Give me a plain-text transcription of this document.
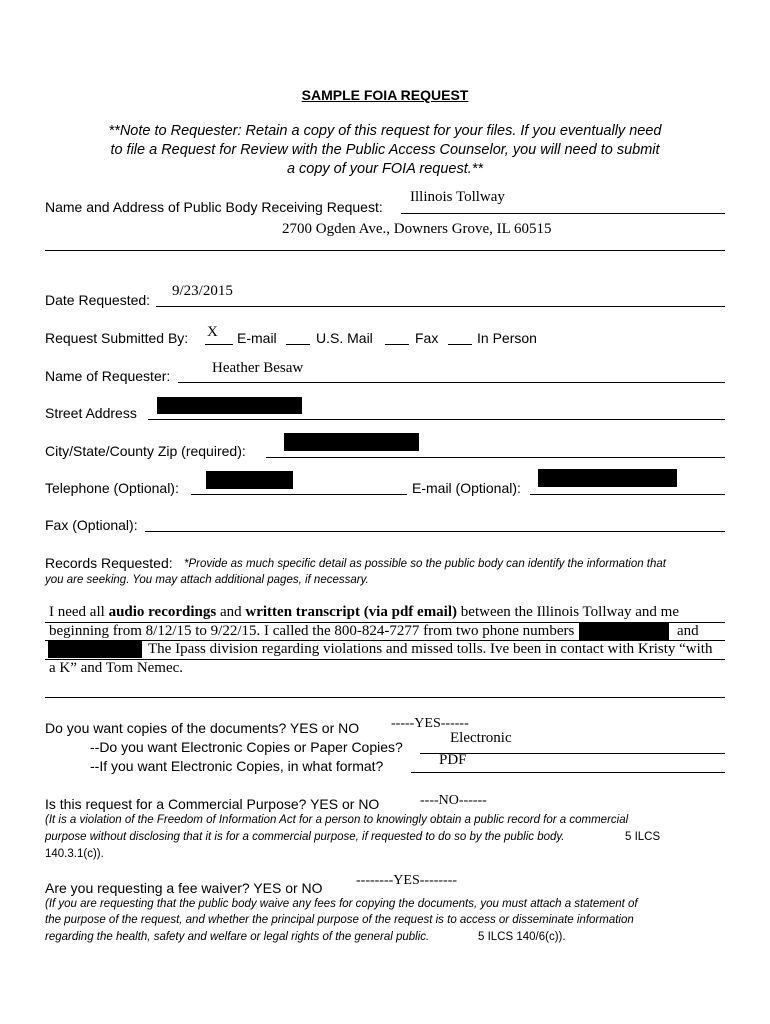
SAMPLE FOIA REQUEST
**Note to Requester: Retain a copy of this request for your files. If you eventually need
to file a Request for Review with the Public Access Counselor, you will need to submit
a copy of your FOIA request.**
Name and Address of Public Body Receiving Request:
Illinois Tollway
2700 Ogden Ave., Downers Grove, IL 60515
Date Requested:
9/23/2015
Request Submitted By: X E-mail	U.S. Mail	Fax	In Person
Name of Requester:	Heather Besaw
Street Address
City/State/County Zip (required):
Telephone (Optional):	E-mail (Optional):
Fax (Optional):
Records Requested: *Provide as much specific detail as possible so the public body can identify the information that
you are seeking. You may attach additional pages, if necessary.
I need all audio recordings and written transcript (via pdf email) between the Illinois Tollway and me
beginning from 8/12/15 to 9/22/15. I called the 800-824-7277 from two phone numbers	and
The Ipass division regarding violations and missed tolls. Ive been in contact with Kristy “with
a K” and Tom Nemec.
Do you want copies of the documents? YES or NO -----YES------
--Do you want Electronic Copies or Paper Copies?
Electronic
--If you want Electronic Copies, in what format?	PDF
Is this request for a Commercial Purpose? YES or NO	----NO------
(It is a violation of the Freedom of Information Act for a person to knowingly obtain a public record for a commercial
purpose without disclosing that it is for a commercial purpose, if requested to do so by the public body.	5 ILCS
140.3.1(c)).
Are you requesting a fee waiver? YES or NO --------YES--------
(If you are requesting that the public body waive any fees for copying the documents, you must attach a statement of
the purpose of the request, and whether the principal purpose of the request is to access or disseminate information
regarding the health, safety and welfare or legal rights of the general public.	5 ILCS 140/6(c)).
